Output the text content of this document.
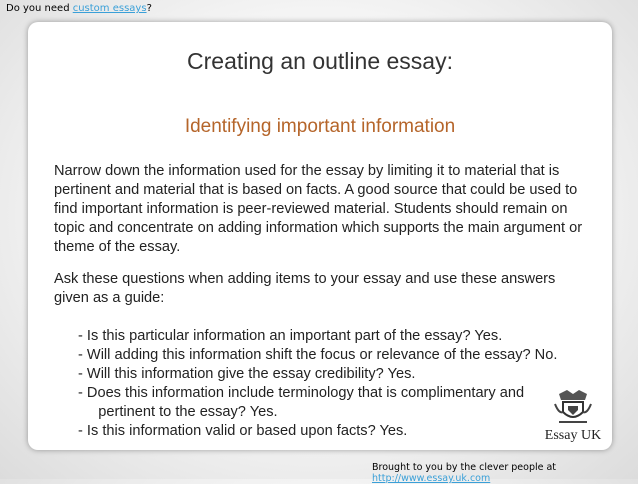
Do you need custom essays?
Creating an outline essay:
Identifying important information

Narrow down the information used for the essay by limiting it to material that is pertinent and material that is based on facts. A good source that could be used to find important information is peer-reviewed material. Students should remain on topic and concentrate on adding information which supports the main argument or theme of the essay.

Ask these questions when adding items to your essay and use these answers given as a guide:

- Is this particular information an important part of the essay? Yes.
- Will adding this information shift the focus or relevance of the essay? No.
- Will this information give the essay credibility? Yes.
- Does this information include terminology that is complimentary and
pertinent to the essay? Yes.
- Is this information valid or based upon facts? Yes.	Essay UK
Brought to you by the clever people at http://www.essay.uk.com
